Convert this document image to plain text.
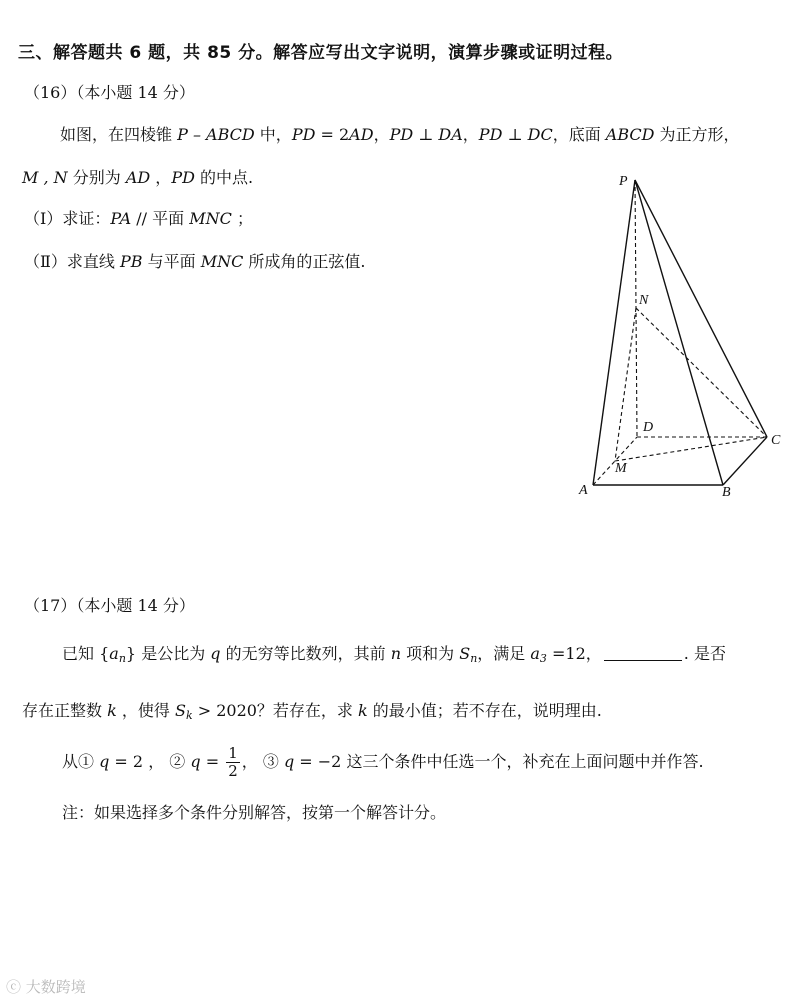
三、解答题共 6 题，共 85 分。解答应写出文字说明，演算步骤或证明过程。
（16）（本小题 14 分）
如图，在四棱锥 P – ABCD 中，PD = 2AD，PD ⊥ DA，PD ⊥ DC，底面 ABCD 为正方形，
M , N 分别为 AD ，PD 的中点.
（Ⅰ）求证：PA // 平面 MNC ；
（Ⅱ）求直线 PB 与平面 MNC 所成角的正弦值.
P
N
D
C
M
A	B
（17）（本小题 14 分）
已知 $\{a_n\}$ 是公比为 q 的无穷等比数列，其前 n 项和为 $S_n$，满足 $a_3 =12$，	. 是否
存在正整数 k ，使得 $S_k > 2020$？若存在，求 k 的最小值；若不存在，说明理由.
从① q = 2 ， ② $q = \frac{1}{2}$ ， ③ q = −2 这三个条件中任选一个，补充在上面问题中并作答.
注：如果选择多个条件分别解答，按第一个解答计分。
ⓒ 大数跨境
